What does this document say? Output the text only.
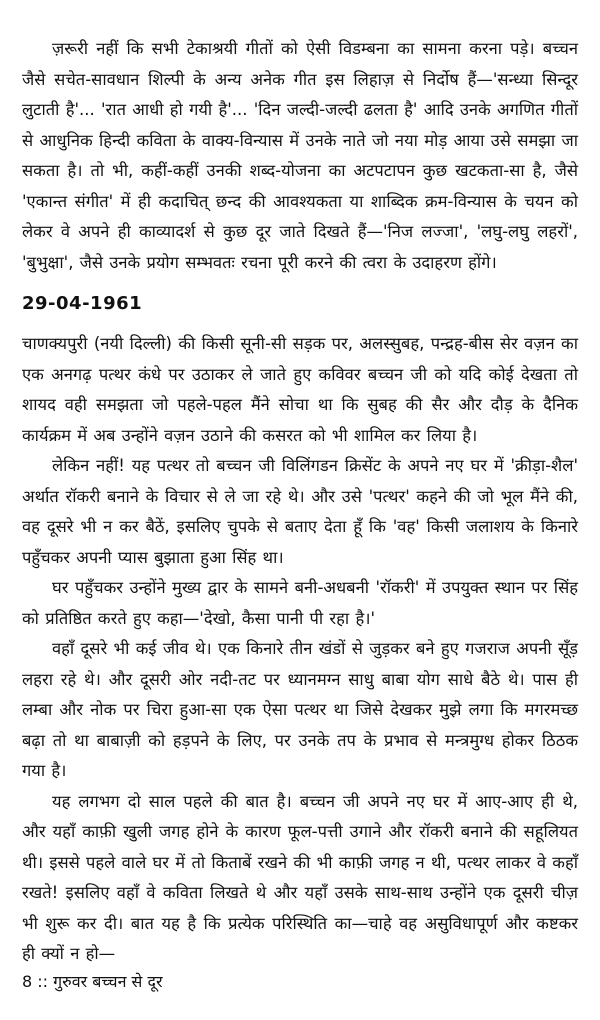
ज़रूरी नहीं कि सभी टेकाश्रयी गीतों को ऐसी विडम्बना का सामना करना पड़े। बच्चन जैसे सचेत-सावधान शिल्पी के अन्य अनेक गीत इस लिहाज़ से निर्दोष हैं—'सन्ध्या सिन्दूर लुटाती है'... 'रात आधी हो गयी है'... 'दिन जल्दी-जल्दी ढलता है' आदि उनके अगणित गीतों से आधुनिक हिन्दी कविता के वाक्य-विन्यास में उनके नाते जो नया मोड़ आया उसे समझा जा सकता है। तो भी, कहीं-कहीं उनकी शब्द-योजना का अटपटापन कुछ खटकता-सा है, जैसे 'एकान्त संगीत' में ही कदाचित् छन्द की आवश्यकता या शाब्दिक क्रम-विन्यास के चयन को लेकर वे अपने ही काव्यादर्श से कुछ दूर जाते दिखते हैं—'निज लज्जा', 'लघु-लघु लहरों', 'बुभुक्षा', जैसे उनके प्रयोग सम्भवतः रचना पूरी करने की त्वरा के उदाहरण होंगे।

29-04-1961

चाणक्यपुरी (नयी दिल्ली) की किसी सूनी-सी सड़क पर, अलस्सुबह, पन्द्रह-बीस सेर वज़न का एक अनगढ़ पत्थर कंधे पर उठाकर ले जाते हुए कविवर बच्चन जी को यदि कोई देखता तो शायद वही समझता जो पहले-पहल मैंने सोचा था कि सुबह की सैर और दौड़ के दैनिक कार्यक्रम में अब उन्होंने वज़न उठाने की कसरत को भी शामिल कर लिया है।

लेकिन नहीं! यह पत्थर तो बच्चन जी विलिंगडन क्रिसेंट के अपने नए घर में 'क्रीड़ा-शैल' अर्थात रॉकरी बनाने के विचार से ले जा रहे थे। और उसे 'पत्थर' कहने की जो भूल मैंने की, वह दूसरे भी न कर बैठें, इसलिए चुपके से बताए देता हूँ कि 'वह' किसी जलाशय के किनारे पहुँचकर अपनी प्यास बुझाता हुआ सिंह था।

घर पहुँचकर उन्होंने मुख्य द्वार के सामने बनी-अधबनी 'रॉकरी' में उपयुक्त स्थान पर सिंह को प्रतिष्ठित करते हुए कहा—'देखो, कैसा पानी पी रहा है।'

वहाँ दूसरे भी कई जीव थे। एक किनारे तीन खंडों से जुड़कर बने हुए गजराज अपनी सूँड़ लहरा रहे थे। और दूसरी ओर नदी-तट पर ध्यानमग्न साधु बाबा योग साधे बैठे थे। पास ही लम्बा और नोक पर चिरा हुआ-सा एक ऐसा पत्थर था जिसे देखकर मुझे लगा कि मगरमच्छ बढ़ा तो था बाबाज़ी को हड़पने के लिए, पर उनके तप के प्रभाव से मन्त्रमुग्ध होकर ठिठक गया है।

यह लगभग दो साल पहले की बात है। बच्चन जी अपने नए घर में आए-आए ही थे, और यहाँ काफ़ी खुली जगह होने के कारण फूल-पत्ती उगाने और रॉकरी बनाने की सहूलियत थी। इससे पहले वाले घर में तो किताबें रखने की भी काफ़ी जगह न थी, पत्थर लाकर वे कहाँ रखते! इसलिए वहाँ वे कविता लिखते थे और यहाँ उसके साथ-साथ उन्होंने एक दूसरी चीज़ भी शुरू कर दी। बात यह है कि प्रत्येक परिस्थिति का—चाहे वह असुविधापूर्ण और कष्टकर ही क्यों न हो—

8 :: गुरुवर बच्चन से दूर
